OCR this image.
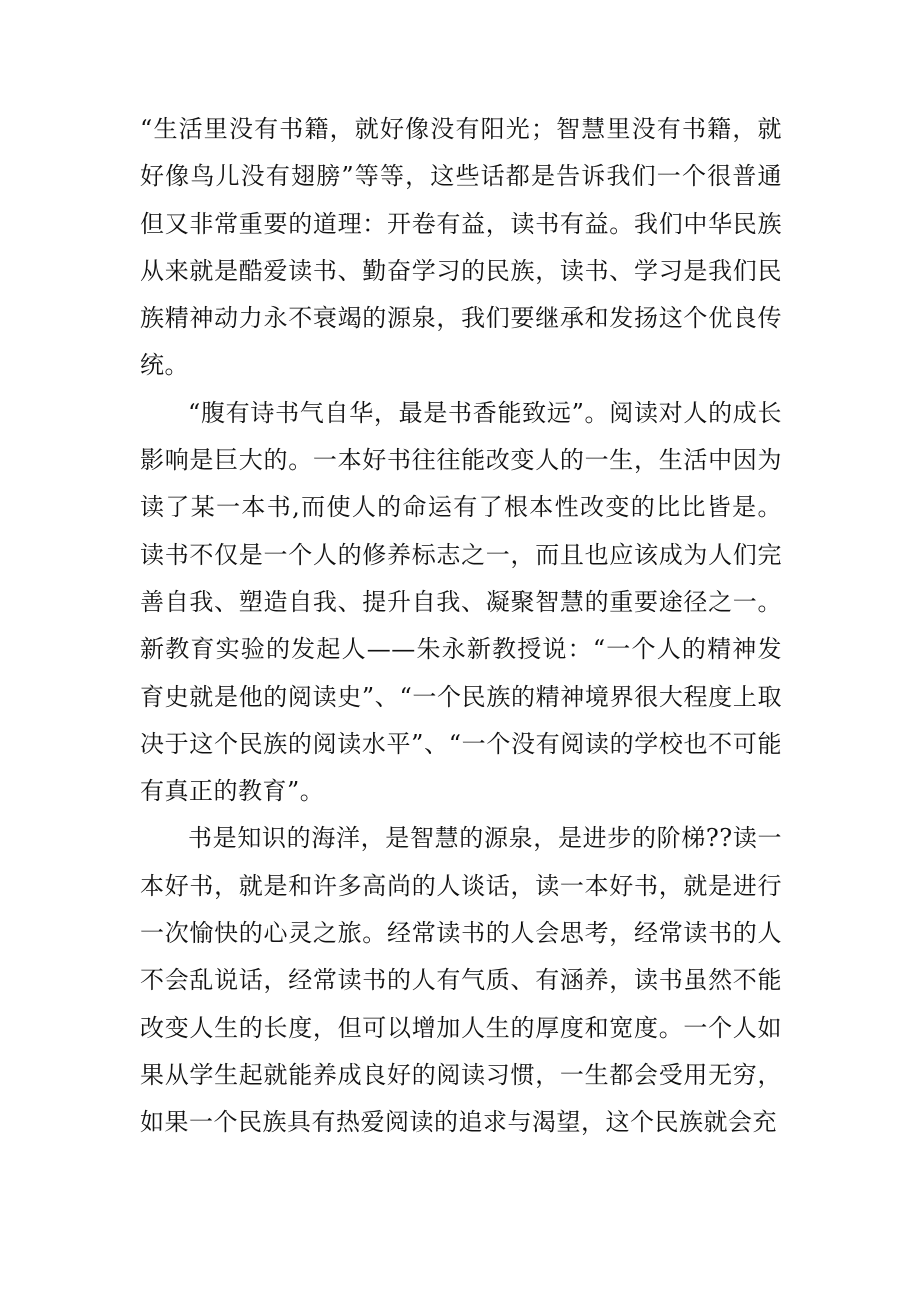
“生活里没有书籍，就好像没有阳光；智慧里没有书籍，就好像鸟儿没有翅膀”等等，这些话都是告诉我们一个很普通但又非常重要的道理：开卷有益，读书有益。我们中华民族从来就是酷爱读书、勤奋学习的民族，读书、学习是我们民族精神动力永不衰竭的源泉，我们要继承和发扬这个优良传统。

“腹有诗书气自华，最是书香能致远”。阅读对人的成长影响是巨大的。一本好书往往能改变人的一生，生活中因为读了某一本书,而使人的命运有了根本性改变的比比皆是。读书不仅是一个人的修养标志之一，而且也应该成为人们完善自我、塑造自我、提升自我、凝聚智慧的重要途径之一。新教育实验的发起人——朱永新教授说：“一个人的精神发育史就是他的阅读史”、“一个民族的精神境界很大程度上取决于这个民族的阅读水平”、“一个没有阅读的学校也不可能有真正的教育”。

书是知识的海洋，是智慧的源泉，是进步的阶梯??读一本好书，就是和许多高尚的人谈话，读一本好书，就是进行一次愉快的心灵之旅。经常读书的人会思考，经常读书的人不会乱说话，经常读书的人有气质、有涵养，读书虽然不能改变人生的长度，但可以增加人生的厚度和宽度。一个人如果从学生起就能养成良好的阅读习惯，一生都会受用无穷，如果一个民族具有热爱阅读的追求与渴望，这个民族就会充
